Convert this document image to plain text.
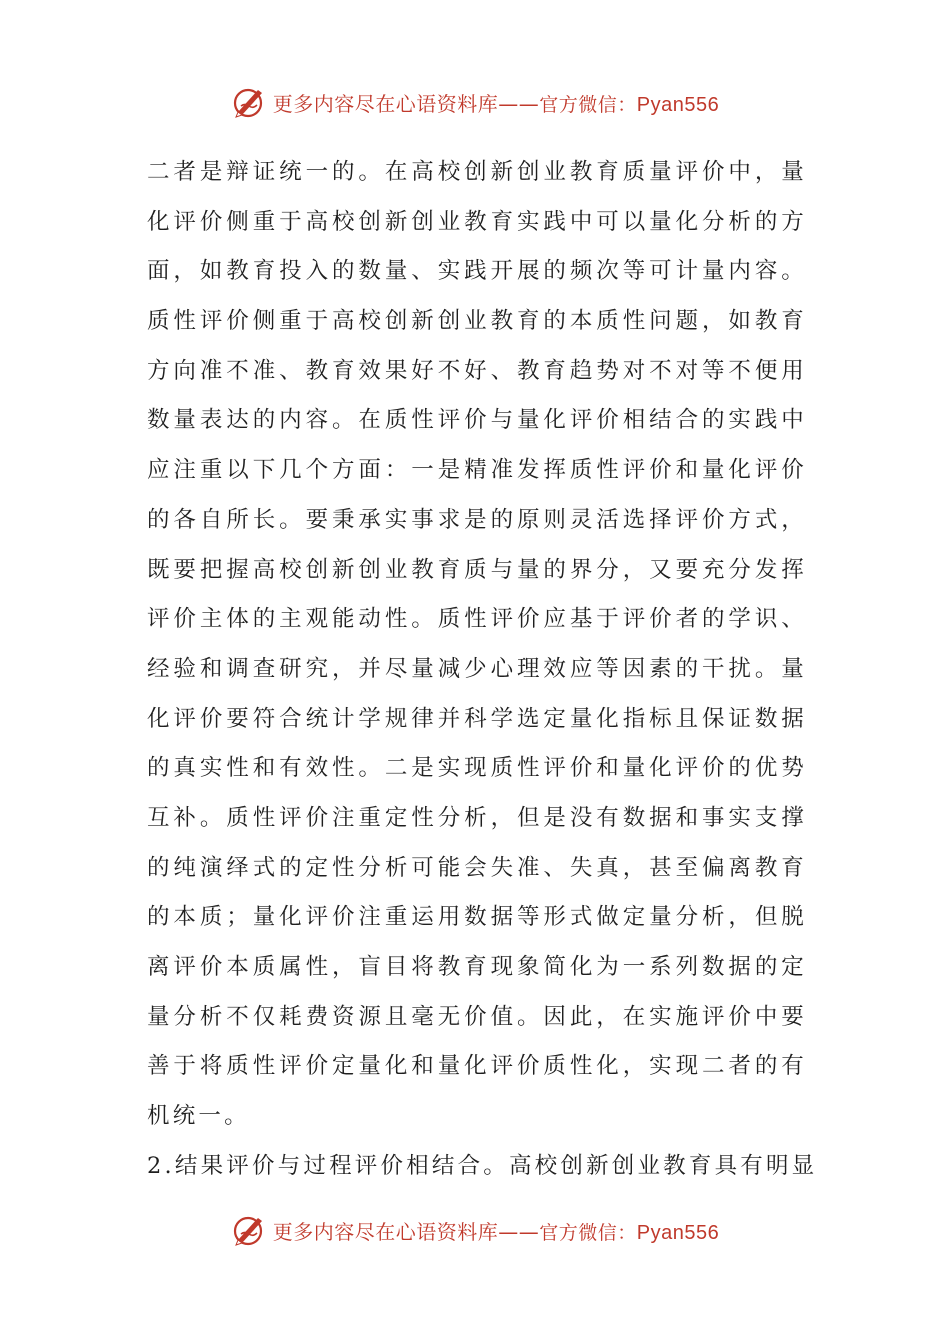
更多内容尽在心语资料库——官方微信：Pyan556
二者是辩证统一的。在高校创新创业教育质量评价中，量
化评价侧重于高校创新创业教育实践中可以量化分析的方
面，如教育投入的数量、实践开展的频次等可计量内容。
质性评价侧重于高校创新创业教育的本质性问题，如教育
方向准不准、教育效果好不好、教育趋势对不对等不便用
数量表达的内容。在质性评价与量化评价相结合的实践中
应注重以下几个方面：一是精准发挥质性评价和量化评价
的各自所长。要秉承实事求是的原则灵活选择评价方式，
既要把握高校创新创业教育质与量的界分，又要充分发挥
评价主体的主观能动性。质性评价应基于评价者的学识、
经验和调查研究，并尽量减少心理效应等因素的干扰。量
化评价要符合统计学规律并科学选定量化指标且保证数据
的真实性和有效性。二是实现质性评价和量化评价的优势
互补。质性评价注重定性分析，但是没有数据和事实支撑
的纯演绎式的定性分析可能会失准、失真，甚至偏离教育
的本质；量化评价注重运用数据等形式做定量分析，但脱
离评价本质属性，盲目将教育现象简化为一系列数据的定
量分析不仅耗费资源且毫无价值。因此，在实施评价中要
善于将质性评价定量化和量化评价质性化，实现二者的有
机统一。
2.结果评价与过程评价相结合。高校创新创业教育具有明显
更多内容尽在心语资料库——官方微信：Pyan556
